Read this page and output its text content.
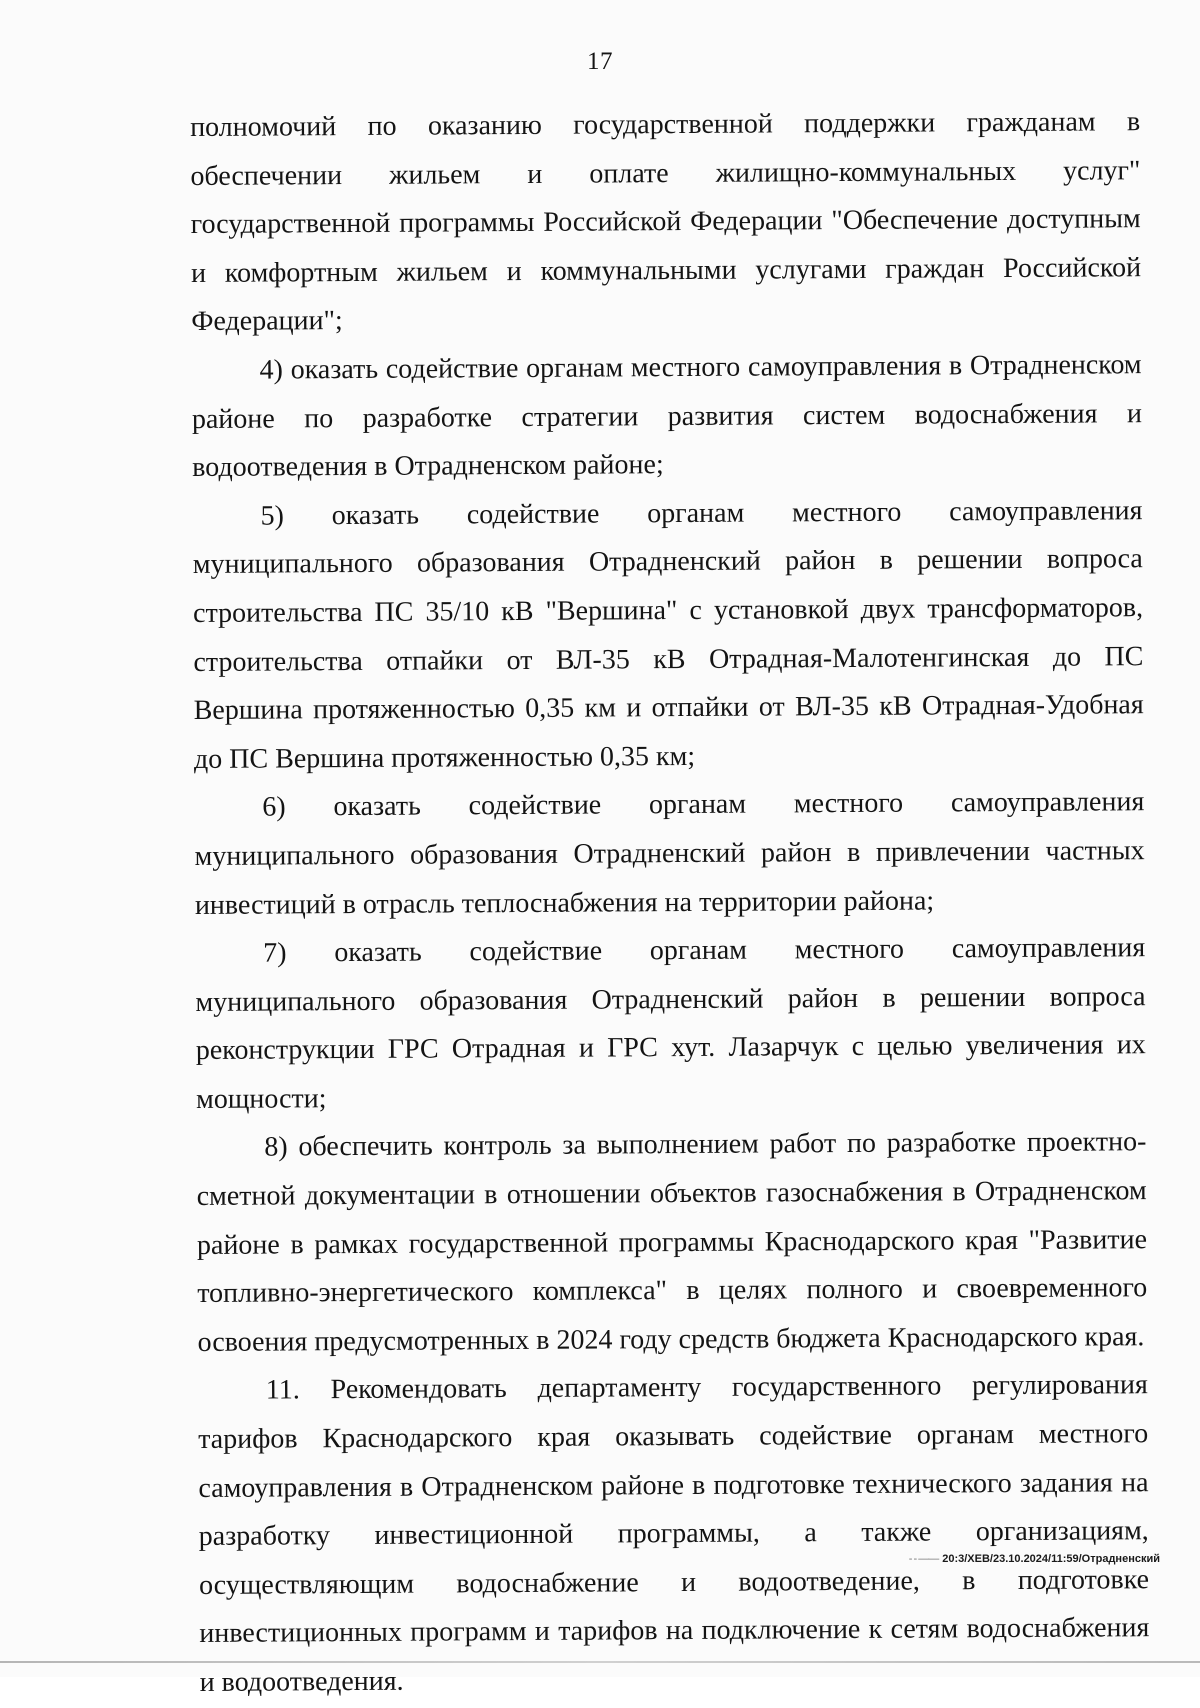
17

полномочий по оказанию государственной поддержки гражданам в обеспечении жильем и оплате жилищно-коммунальных услуг" государственной программы Российской Федерации "Обеспечение доступным и комфортным жильем и коммунальными услугами граждан Российской Федерации";

4) оказать содействие органам местного самоуправления в Отрадненском районе по разработке стратегии развития систем водоснабжения и водоотведения в Отрадненском районе;

5) оказать содействие органам местного самоуправления муниципального образования Отрадненский район в решении вопроса строительства ПС 35/10 кВ "Вершина" с установкой двух трансформаторов, строительства отпайки от ВЛ-35 кВ Отрадная-Малотенгинская до ПС Вершина протяженностью 0,35 км и отпайки от ВЛ-35 кВ Отрадная-Удобная до ПС Вершина протяженностью 0,35 км;

6) оказать содействие органам местного самоуправления муниципального образования Отрадненский район в привлечении частных инвестиций в отрасль теплоснабжения на территории района;

7) оказать содействие органам местного самоуправления муниципального образования Отрадненский район в решении вопроса реконструкции ГРС Отрадная и ГРС хут. Лазарчук с целью увеличения их мощности;

8) обеспечить контроль за выполнением работ по разработке проектно-сметной документации в отношении объектов газоснабжения в Отрадненском районе в рамках государственной программы Краснодарского края "Развитие топливно-энергетического комплекса" в целях полного и своевременного освоения предусмотренных в 2024 году средств бюджета Краснодарского края.

11. Рекомендовать департаменту государственного регулирования тарифов Краснодарского края оказывать содействие органам местного самоуправления в Отрадненском районе в подготовке технического задания на разработку инвестиционной программы, а также организациям, осуществляющим водоснабжение и водоотведение, в подготовке инвестиционных программ и тарифов на подключение к сетям водоснабжения и водоотведения.

- - —— 20:3/ХЕВ/23.10.2024/11:59/Отрадненский
